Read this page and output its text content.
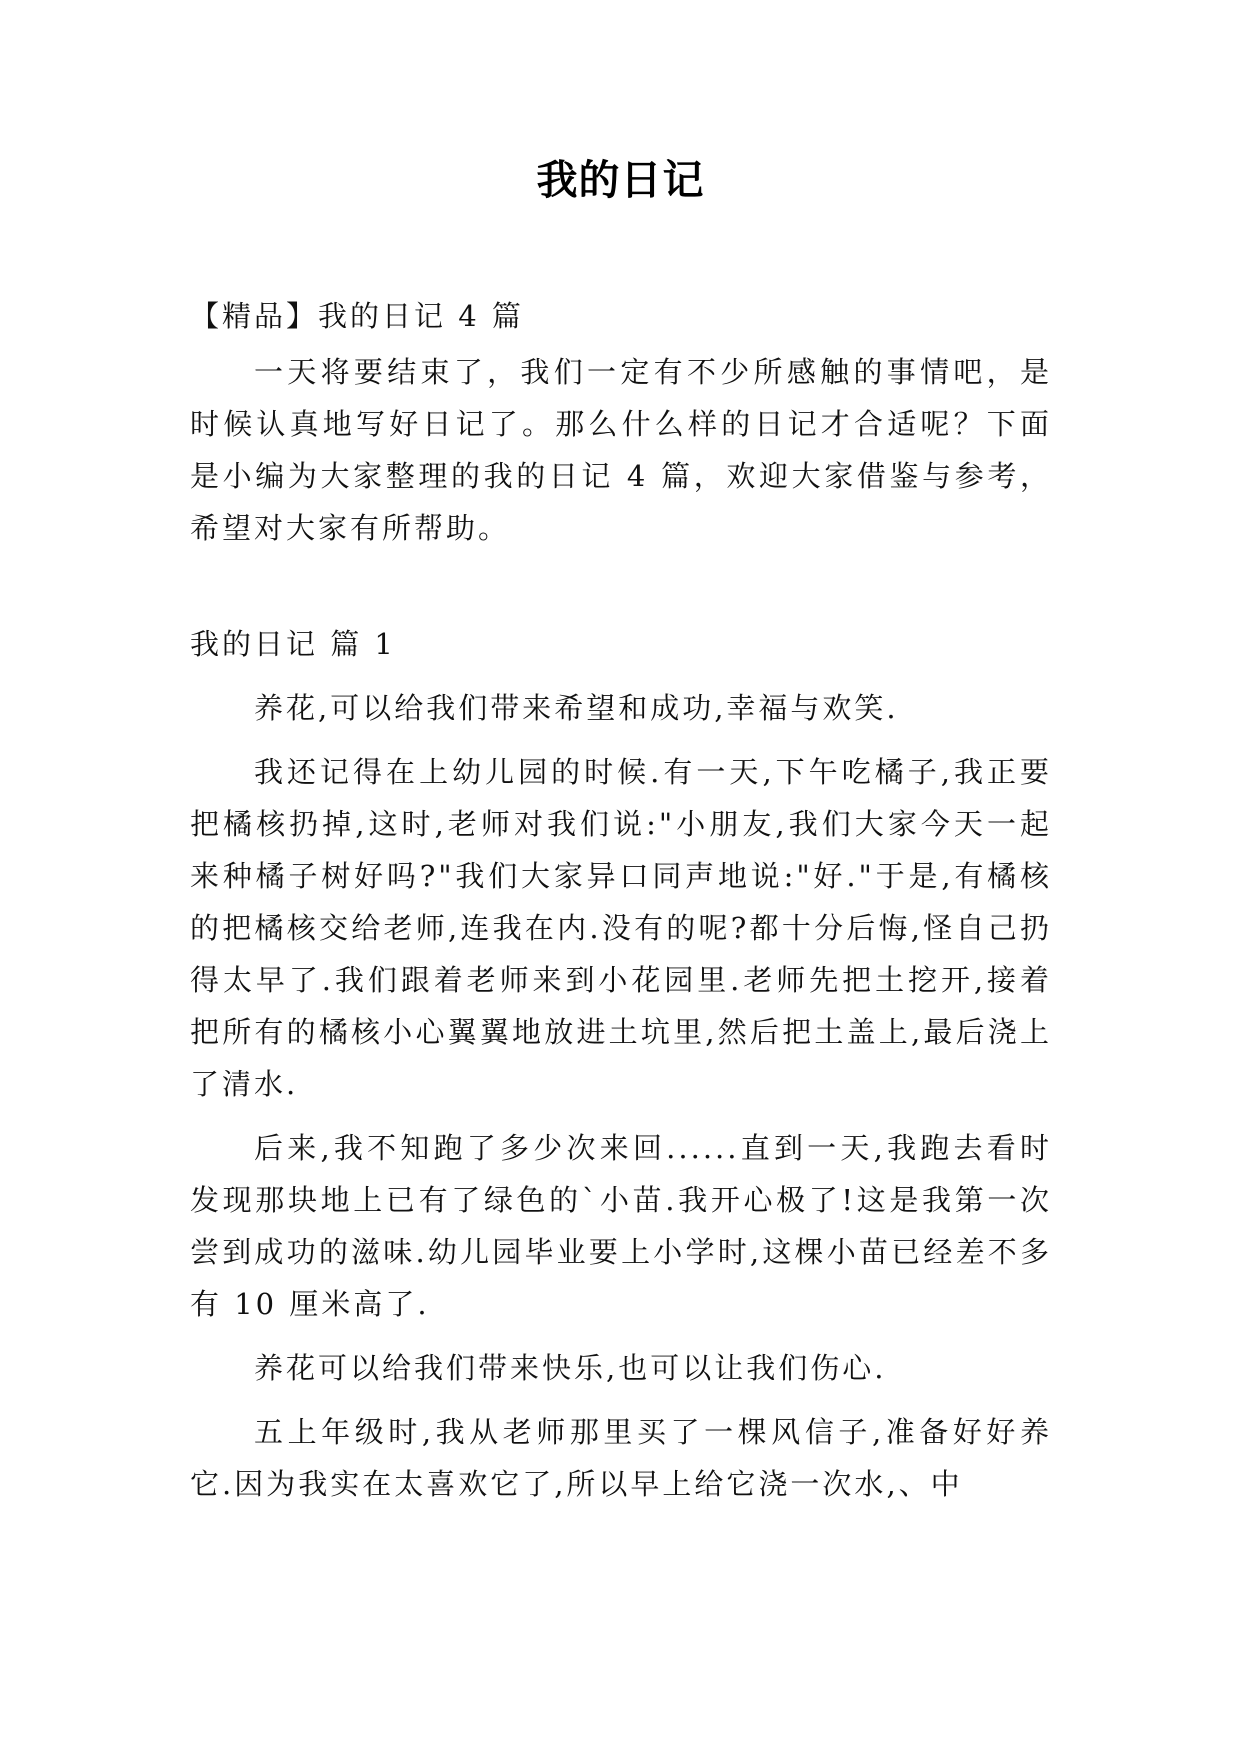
我的日记

【精品】我的日记 4 篇

一天将要结束了，我们一定有不少所感触的事情吧，是时候认真地写好日记了。那么什么样的日记才合适呢？下面是小编为大家整理的我的日记 4 篇，欢迎大家借鉴与参考，希望对大家有所帮助。

我的日记 篇 1

养花,可以给我们带来希望和成功,幸福与欢笑.

我还记得在上幼儿园的时候.有一天,下午吃橘子,我正要把橘核扔掉,这时,老师对我们说:"小朋友,我们大家今天一起来种橘子树好吗?"我们大家异口同声地说:"好."于是,有橘核的把橘核交给老师,连我在内.没有的呢?都十分后悔,怪自己扔得太早了.我们跟着老师来到小花园里.老师先把土挖开,接着把所有的橘核小心翼翼地放进土坑里,然后把土盖上,最后浇上了清水.

后来,我不知跑了多少次来回......直到一天,我跑去看时发现那块地上已有了绿色的`小苗.我开心极了!这是我第一次尝到成功的滋味.幼儿园毕业要上小学时,这棵小苗已经差不多有 10 厘米高了.

养花可以给我们带来快乐,也可以让我们伤心.

五上年级时,我从老师那里买了一棵风信子,准备好好养它.因为我实在太喜欢它了,所以早上给它浇一次水,、中
